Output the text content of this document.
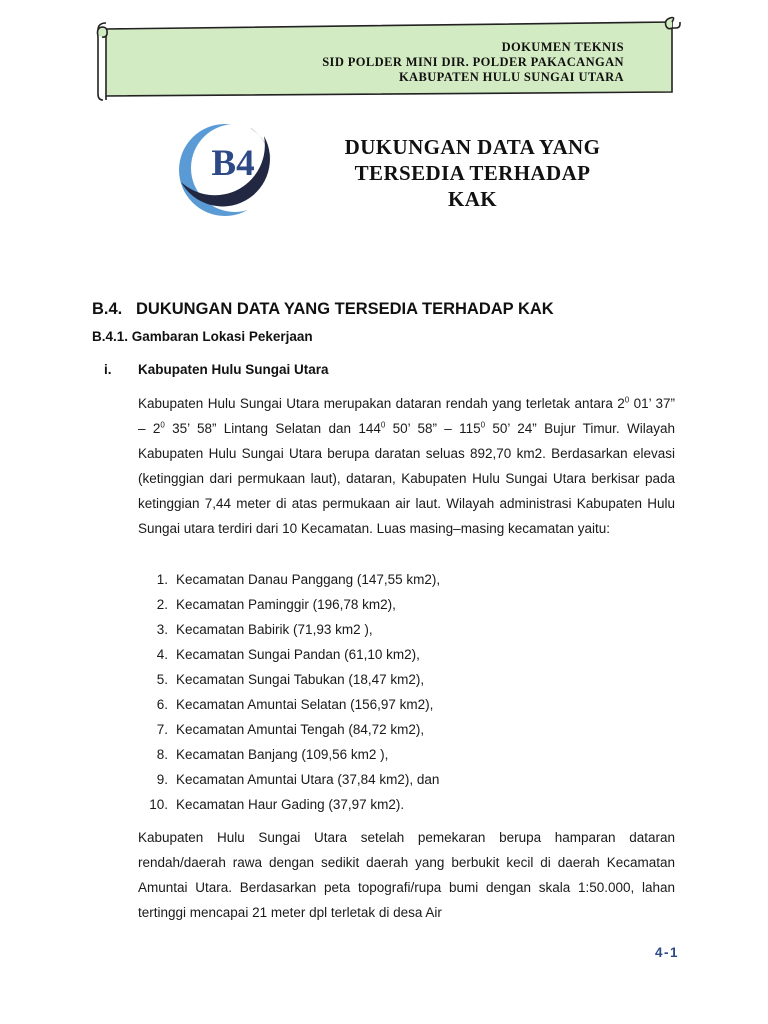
DOKUMEN TEKNIS
SID POLDER MINI DIR. POLDER PAKACANGAN
KABUPATEN HULU SUNGAI UTARA
B4	DUKUNGAN DATA YANG
TERSEDIA TERHADAP
KAK
B.4. DUKUNGAN DATA YANG TERSEDIA TERHADAP KAK
B.4.1. Gambaran Lokasi Pekerjaan
i. Kabupaten Hulu Sungai Utara

Kabupaten Hulu Sungai Utara merupakan dataran rendah yang terletak antara $2^0$ 01’ 37” – $2^0$ 35’ 58” Lintang Selatan dan $144^0$ 50’ 58” – $115^0$ 50’ 24” Bujur Timur. Wilayah Kabupaten Hulu Sungai Utara berupa daratan seluas 892,70 km2. Berdasarkan elevasi (ketinggian dari permukaan laut), dataran, Kabupaten Hulu Sungai Utara berkisar pada ketinggian 7,44 meter di atas permukaan air laut. Wilayah administrasi Kabupaten Hulu Sungai utara terdiri dari 10 Kecamatan. Luas masing–masing kecamatan yaitu:

1. Kecamatan Danau Panggang (147,55 km2),
2. Kecamatan Paminggir (196,78 km2),
3. Kecamatan Babirik (71,93 km2 ),
4. Kecamatan Sungai Pandan (61,10 km2),
5. Kecamatan Sungai Tabukan (18,47 km2),
6. Kecamatan Amuntai Selatan (156,97 km2),
7. Kecamatan Amuntai Tengah (84,72 km2),
8. Kecamatan Banjang (109,56 km2 ),
9. Kecamatan Amuntai Utara (37,84 km2), dan
10. Kecamatan Haur Gading (37,97 km2).

Kabupaten Hulu Sungai Utara setelah pemekaran berupa hamparan dataran rendah/daerah rawa dengan sedikit daerah yang berbukit kecil di daerah Kecamatan Amuntai Utara. Berdasarkan peta topografi/rupa bumi dengan skala 1:50.000, lahan tertinggi mencapai 21 meter dpl terletak di desa Air

4-1
